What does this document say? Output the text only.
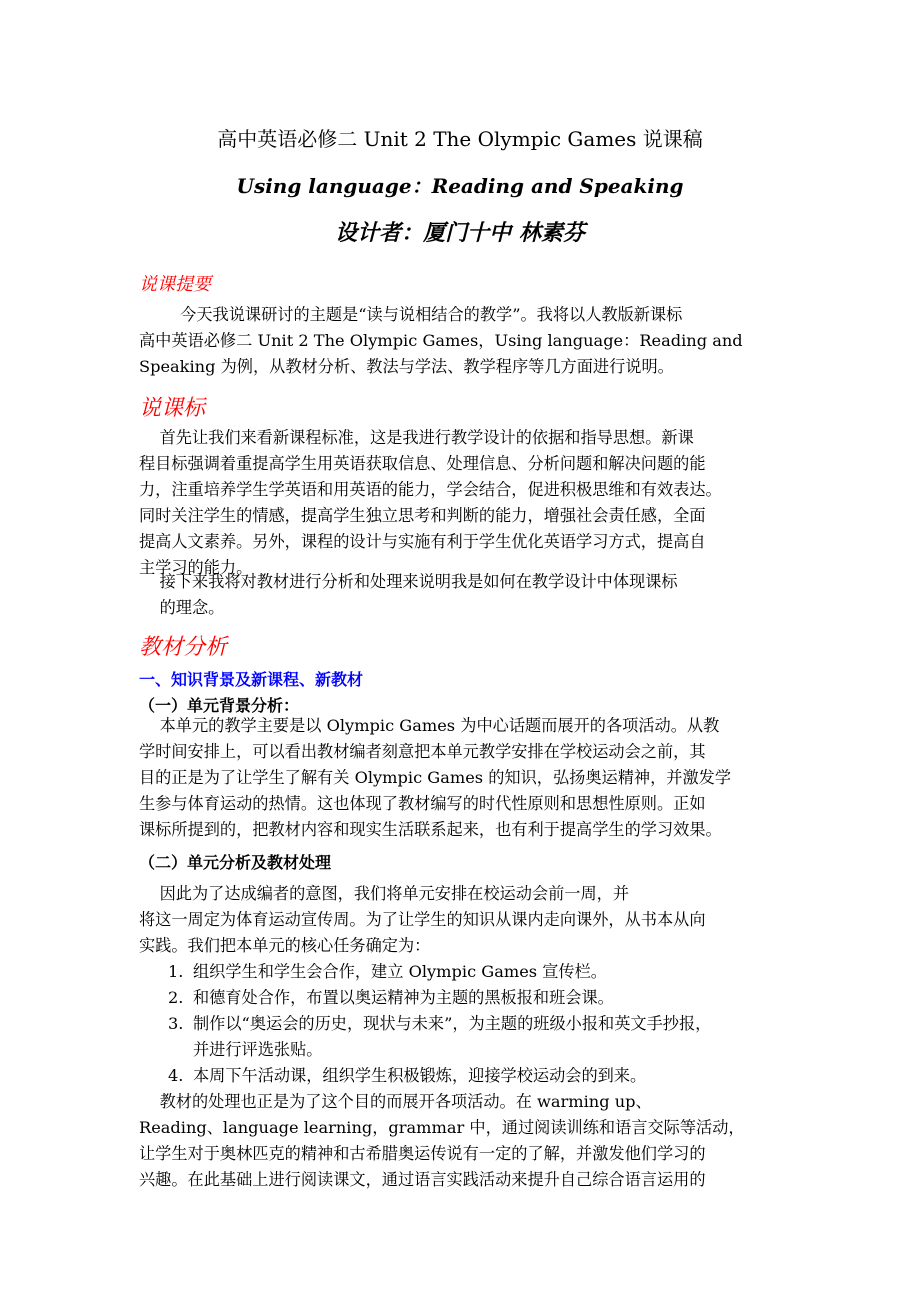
高中英语必修二 Unit 2 The Olympic Games 说课稿
Using language：Reading and Speaking
设计者：厦门十中 林素芬
说课提要
今天我说课研讨的主题是“读与说相结合的教学”。我将以人教版新课标
高中英语必修二 Unit 2 The Olympic Games，Using language：Reading and
Speaking 为例，从教材分析、教法与学法、教学程序等几方面进行说明。
说课标
首先让我们来看新课程标准，这是我进行教学设计的依据和指导思想。新课
程目标强调着重提高学生用英语获取信息、处理信息、分析问题和解决问题的能
力，注重培养学生学英语和用英语的能力，学会结合，促进积极思维和有效表达。
同时关注学生的情感，提高学生独立思考和判断的能力，增强社会责任感，全面
提高人文素养。另外，课程的设计与实施有利于学生优化英语学习方式，提高自
主学习的能力。
接下来我将对教材进行分析和处理来说明我是如何在教学设计中体现课标
的理念。
教材分析
一、知识背景及新课程、新教材
（一）单元背景分析：
本单元的教学主要是以 Olympic Games 为中心话题而展开的各项活动。从教
学时间安排上，可以看出教材编者刻意把本单元教学安排在学校运动会之前，其
目的正是为了让学生了解有关 Olympic Games 的知识，弘扬奥运精神，并激发学
生参与体育运动的热情。这也体现了教材编写的时代性原则和思想性原则。正如
课标所提到的，把教材内容和现实生活联系起来，也有利于提高学生的学习效果。
（二）单元分析及教材处理
因此为了达成编者的意图，我们将单元安排在校运动会前一周，并
将这一周定为体育运动宣传周。为了让学生的知识从课内走向课外，从书本从向
实践。我们把本单元的核心任务确定为：
1. 组织学生和学生会合作，建立 Olympic Games 宣传栏。
2. 和德育处合作，布置以奥运精神为主题的黑板报和班会课。
3. 制作以“奥运会的历史，现状与未来”，为主题的班级小报和英文手抄报，
并进行评选张贴。
4. 本周下午活动课，组织学生积极锻炼，迎接学校运动会的到来。
教材的处理也正是为了这个目的而展开各项活动。在 warming up、
Reading、language learning，grammar 中，通过阅读训练和语言交际等活动，
让学生对于奥林匹克的精神和古希腊奥运传说有一定的了解，并激发他们学习的
兴趣。在此基础上进行阅读课文，通过语言实践活动来提升自己综合语言运用的
